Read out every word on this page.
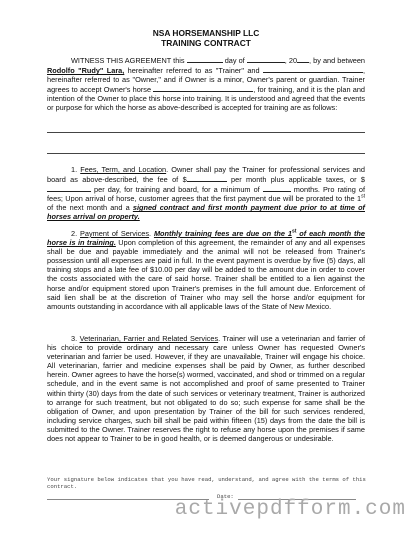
NSA HORSEMANSHIP LLC
TRAINING CONTRACT

WITNESS THIS AGREEMENT this	day of	, 20 , by and between Rodolfo "Rudy" Lara, hereinafter referred to as "Trainer" and	, hereinafter referred to as "Owner," and if Owner is a minor, Owner's parent or guardian. Trainer agrees to accept Owner's horse	, for training, and it is the plan and intention of the Owner to place this horse into training. It is understood and agreed that the events or purpose for which the horse as above-described is accepted for training are as follows:

1. Fees, Term, and Location. Owner shall pay the Trainer for professional services and board as above-described, the fee of $	per month plus applicable taxes, or $ per day, for training and board, for a minimum of	months. Pro rating of fees; Upon arrival of horse, customer agrees that the first payment due will be prorated to the 1st of the next month and a signed contract and first month payment due prior to at time of horses arrival on property.

2. Payment of Services. Monthly training fees are due on the 1st of each month the horse is in training. Upon completion of this agreement, the remainder of any and all expenses shall be due and payable immediately and the animal will not be released from Trainer's possession until all expenses are paid in full. In the event payment is overdue by five (5) days, all training stops and a late fee of $10.00 per day will be added to the amount due in order to cover the costs associated with the care of said horse. Trainer shall be entitled to a lien against the horse and/or equipment stored upon Trainer's premises in the full amount due. Enforcement of said lien shall be at the discretion of Trainer who may sell the horse and/or equipment for amounts outstanding in accordance with all applicable laws of the State of New Mexico.

3. Veterinarian, Farrier and Related Services. Trainer will use a veterinarian and farrier of his choice to provide ordinary and necessary care unless Owner has requested Owner's veterinarian and farrier be used. However, if they are unavailable, Trainer will engage his choice. All veterinarian, farrier and medicine expenses shall be paid by Owner, as further described herein. Owner agrees to have the horse(s) wormed, vaccinated, and shod or trimmed on a regular schedule, and in the event same is not accomplished and proof of same presented to Trainer within thirty (30) days from the date of such services or veterinary treatment, Trainer is authorized to arrange for such treatment, but not obligated to do so; such expense for same shall be the obligation of Owner, and upon presentation by Trainer of the bill for such services rendered, including service charges, such bill shall be paid within fifteen (15) days from the date the bill is submitted to the Owner. Trainer reserves the right to refuse any horse upon the premises if same does not appear to Trainer to be in good health, or is deemed dangerous or undesirable.

Your signature below indicates that you have read, understand, and agree with the terms of this contract.
Date:
activepdfform.com
